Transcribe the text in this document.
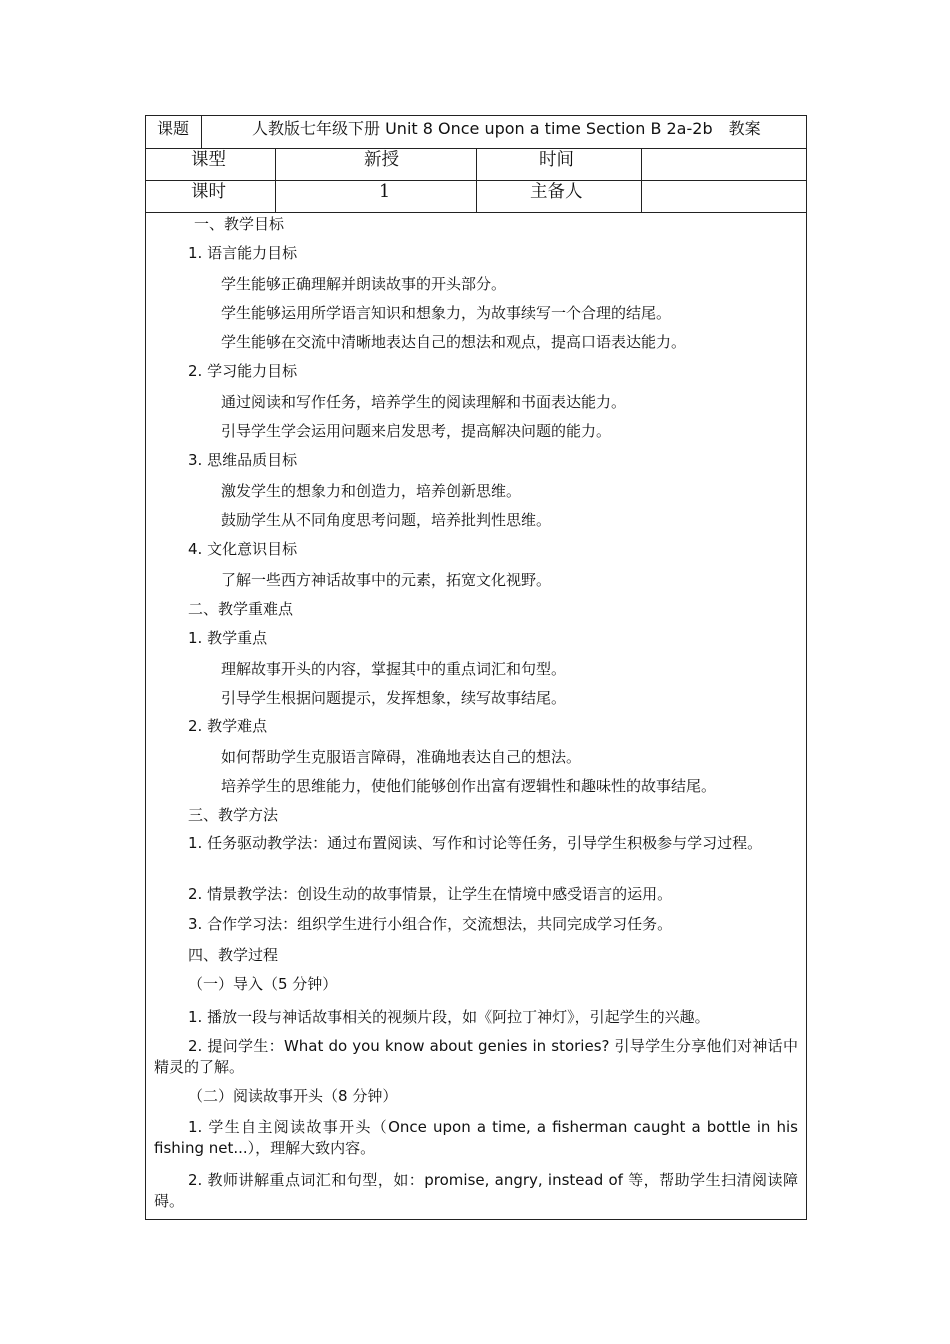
课题	人教版七年级下册 Unit 8 Once upon a time Section B 2a-2b　教案
课型	新授	时间
课时	1	主备人
一、教学目标
1. 语言能力目标
学生能够正确理解并朗读故事的开头部分。
学生能够运用所学语言知识和想象力，为故事续写一个合理的结尾。
学生能够在交流中清晰地表达自己的想法和观点，提高口语表达能力。
2. 学习能力目标
通过阅读和写作任务，培养学生的阅读理解和书面表达能力。
引导学生学会运用问题来启发思考，提高解决问题的能力。
3. 思维品质目标
激发学生的想象力和创造力，培养创新思维。
鼓励学生从不同角度思考问题，培养批判性思维。
4. 文化意识目标
了解一些西方神话故事中的元素，拓宽文化视野。
二、教学重难点
1. 教学重点
理解故事开头的内容，掌握其中的重点词汇和句型。
引导学生根据问题提示，发挥想象，续写故事结尾。
2. 教学难点
如何帮助学生克服语言障碍，准确地表达自己的想法。
培养学生的思维能力，使他们能够创作出富有逻辑性和趣味性的故事结尾。
三、教学方法
1. 任务驱动教学法：通过布置阅读、写作和讨论等任务，引导学生积极参与学习过程。
2. 情景教学法：创设生动的故事情景，让学生在情境中感受语言的运用。
3. 合作学习法：组织学生进行小组合作，交流想法，共同完成学习任务。
四、教学过程
（一）导入（5 分钟）
1. 播放一段与神话故事相关的视频片段，如《阿拉丁神灯》，引起学生的兴趣。
2. 提问学生：What do you know about genies in stories? 引导学生分享他们对神话中精灵的了解。
（二）阅读故事开头（8 分钟）
1. 学生自主阅读故事开头（Once upon a time, a fisherman caught a bottle in his fishing net...），理解大致内容。
2. 教师讲解重点词汇和句型，如：promise, angry, instead of 等，帮助学生扫清阅读障碍。
